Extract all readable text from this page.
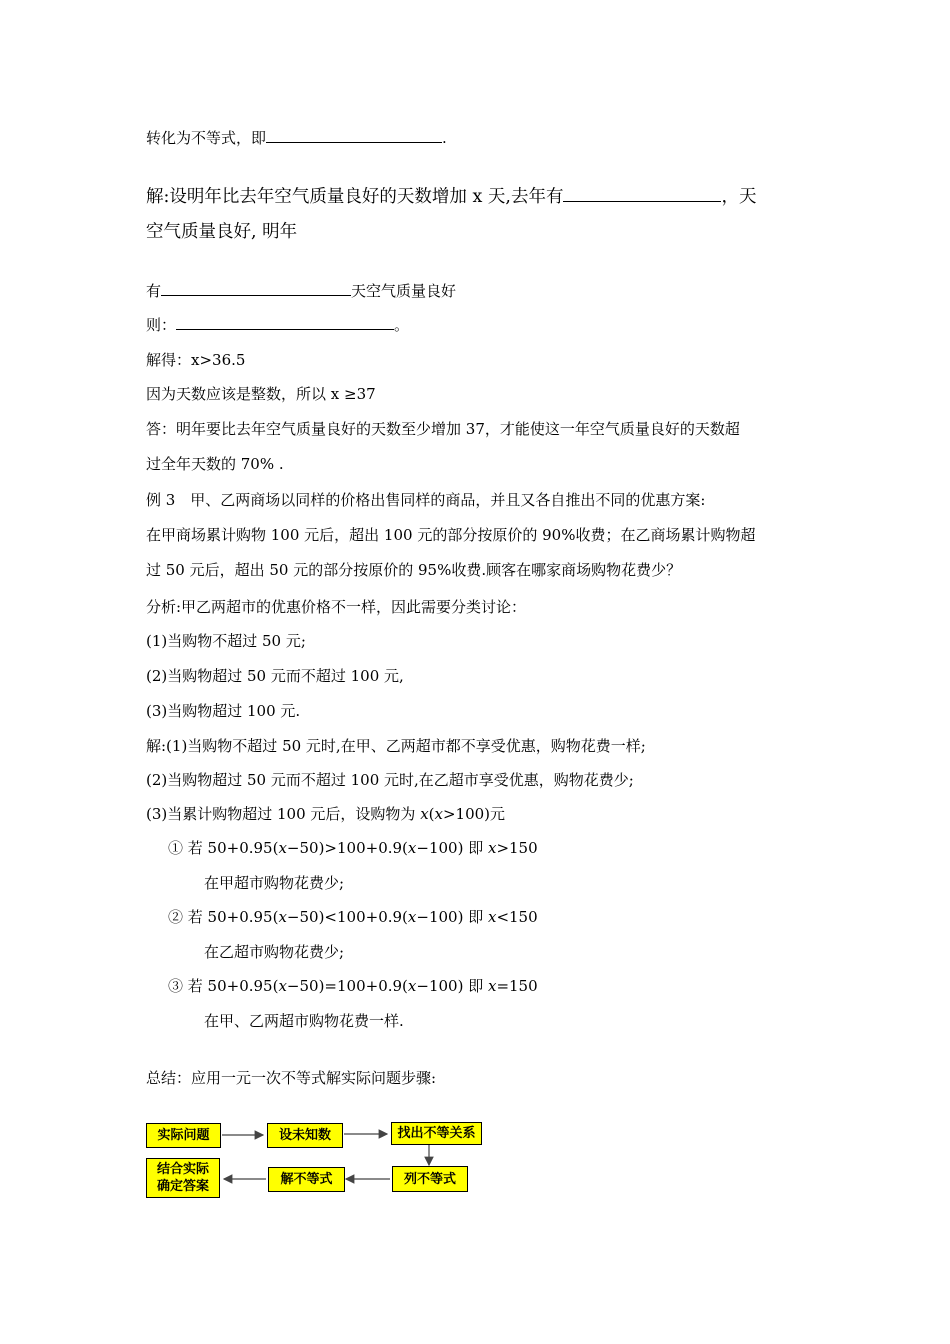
转化为不等式，即	.
解:设明年比去年空气质量良好的天数增加 x 天,去年有	，天
空气质量良好, 明年
有	天空气质量良好
则：	。
解得：x>36.5
因为天数应该是整数，所以 x ≥37
答：明年要比去年空气质量良好的天数至少增加 37，才能使这一年空气质量良好的天数超
过全年天数的 70% .
例 3　甲、乙两商场以同样的价格出售同样的商品，并且又各自推出不同的优惠方案:
在甲商场累计购物 100 元后，超出 100 元的部分按原价的 90%收费；在乙商场累计购物超
过 50 元后，超出 50 元的部分按原价的 95%收费.顾客在哪家商场购物花费少？
分析:甲乙两超市的优惠价格不一样，因此需要分类讨论：
(1)当购物不超过 50 元;
(2)当购物超过 50 元而不超过 100 元,
(3)当购物超过 100 元.
解:(1)当购物不超过 50 元时,在甲、乙两超市都不享受优惠，购物花费一样;
(2)当购物超过 50 元而不超过 100 元时,在乙超市享受优惠，购物花费少;
(3)当累计购物超过 100 元后，设购物为 x(x>100)元
① 若 50+0.95(x−50)>100+0.9(x−100) 即 x>150
在甲超市购物花费少;
② 若 50+0.95(x−50)<100+0.9(x−100) 即 x<150
在乙超市购物花费少;
③ 若 50+0.95(x−50)=100+0.9(x−100) 即 x=150
在甲、乙两超市购物花费一样.
总结：应用一元一次不等式解实际问题步骤:
实际问题	设未知数	找出不等关系
列不等式
解不等式
结合实际确定答案
